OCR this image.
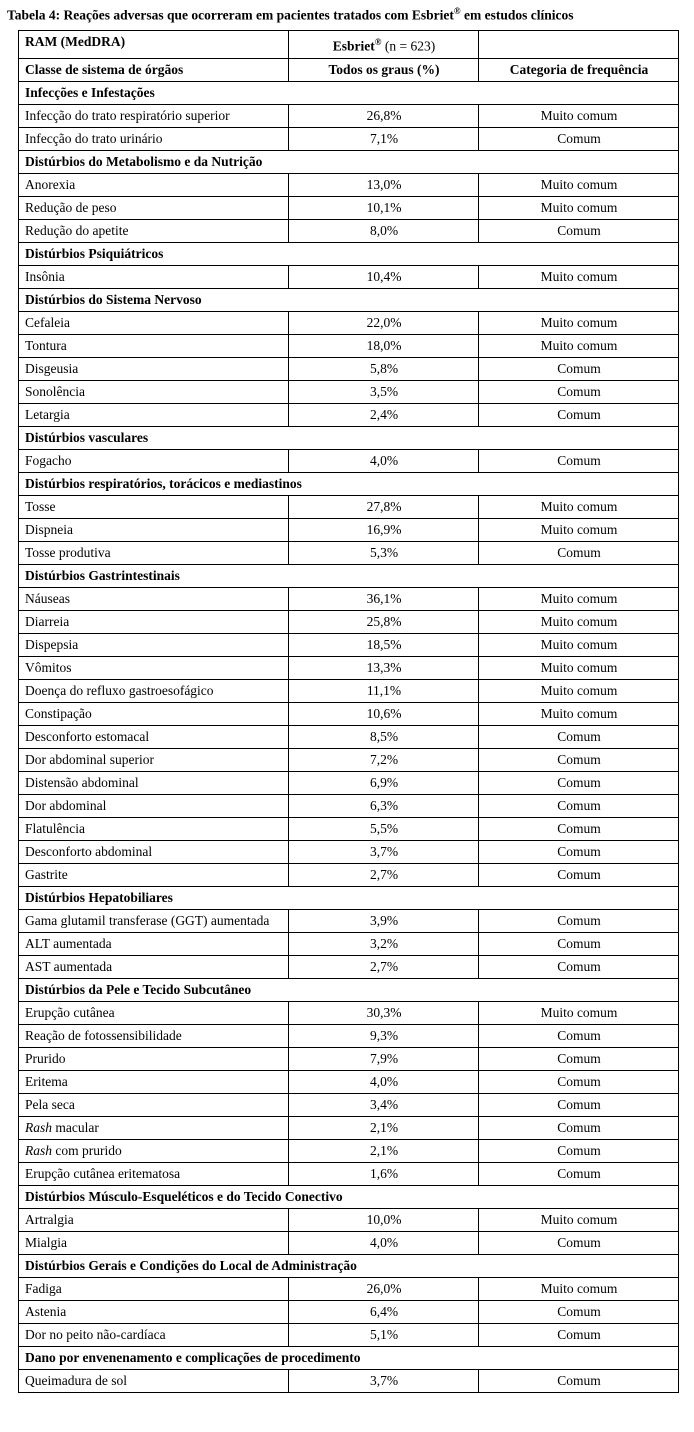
Tabela 4: Reações adversas que ocorreram em pacientes tratados com Esbriet® em estudos clínicos
RAM (MedDRA)	Esbriet® (n = 623)	
Classe de sistema de órgãos	Todos os graus (%)	Categoria de frequência
Infecções e Infestações		
Infecção do trato respiratório superior	26,8%	Muito comum
Infecção do trato urinário	7,1%	Comum
Distúrbios do Metabolismo e da Nutrição		
Anorexia	13,0%	Muito comum
Redução de peso	10,1%	Muito comum
Redução do apetite	8,0%	Comum
Distúrbios Psiquiátricos		
Insônia	10,4%	Muito comum
Distúrbios do Sistema Nervoso		
Cefaleia	22,0%	Muito comum
Tontura	18,0%	Muito comum
Disgeusia	5,8%	Comum
Sonolência	3,5%	Comum
Letargia	2,4%	Comum
Distúrbios vasculares		
Fogacho	4,0%	Comum
Distúrbios respiratórios, torácicos e mediastinos		
Tosse	27,8%	Muito comum
Dispneia	16,9%	Muito comum
Tosse produtiva	5,3%	Comum
Distúrbios Gastrintestinais		
Náuseas	36,1%	Muito comum
Diarreia	25,8%	Muito comum
Dispepsia	18,5%	Muito comum
Vômitos	13,3%	Muito comum
Doença do refluxo gastroesofágico	11,1%	Muito comum
Constipação	10,6%	Muito comum
Desconforto estomacal	8,5%	Comum
Dor abdominal superior	7,2%	Comum
Distensão abdominal	6,9%	Comum
Dor abdominal	6,3%	Comum
Flatulência	5,5%	Comum
Desconforto abdominal	3,7%	Comum
Gastrite	2,7%	Comum
Distúrbios Hepatobiliares		
Gama glutamil transferase (GGT) aumentada	3,9%	Comum
ALT aumentada	3,2%	Comum
AST aumentada	2,7%	Comum
Distúrbios da Pele e Tecido Subcutâneo		
Erupção cutânea	30,3%	Muito comum
Reação de fotossensibilidade	9,3%	Comum
Prurido	7,9%	Comum
Eritema	4,0%	Comum
Pela seca	3,4%	Comum
Rash macular	2,1%	Comum
Rash com prurido	2,1%	Comum
Erupção cutânea eritematosa	1,6%	Comum
Distúrbios Músculo-Esqueléticos e do Tecido Conectivo		
Artralgia	10,0%	Muito comum
Mialgia	4,0%	Comum
Distúrbios Gerais e Condições do Local de Administração		
Fadiga	26,0%	Muito comum
Astenia	6,4%	Comum
Dor no peito não-cardíaca	5,1%	Comum
Dano por envenenamento e complicações de procedimento		
Queimadura de sol	3,7%	Comum
